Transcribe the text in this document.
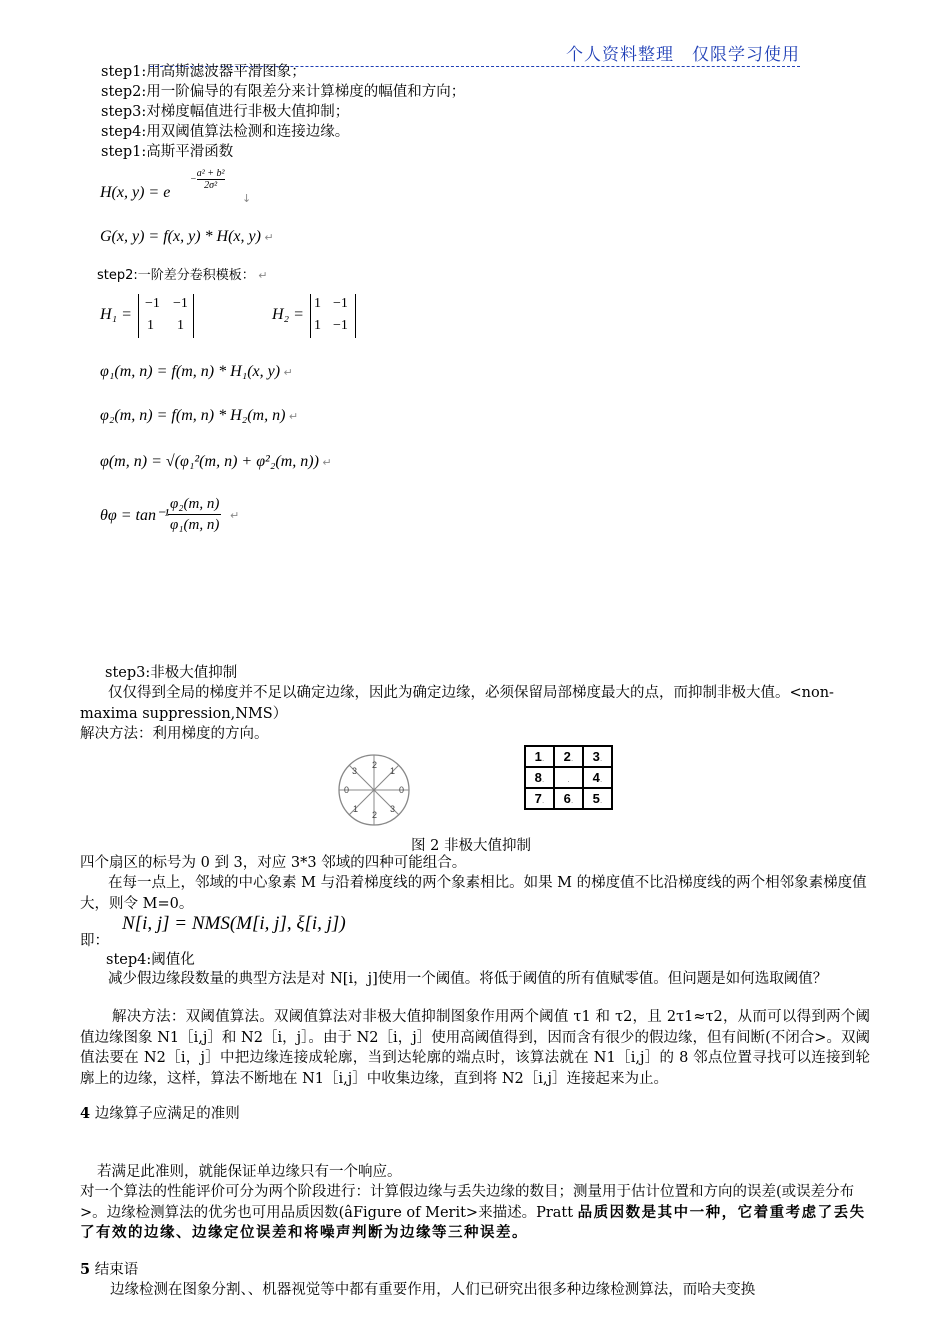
个人资料整理　仅限学习使用
step1:用高斯滤波器平滑图象；
step2:用一阶偏导的有限差分来计算梯度的幅值和方向；
step3:对梯度幅值进行非极大值抑制；
step4:用双阈值算法检测和连接边缘。
step1:高斯平滑函数
H(x, y) = e
− $\frac{\text{a² + b²}}{\text{2σ²}}$
↓
G(x, y) = f(x, y) * H(x, y) ↵
step2:一阶差分卷积模板： ↵
H₁ =
−1 −1
1 1
H₂ =
1 −1
1 −1
φ₁(m, n) = f(m, n) * H₁(x, y) ↵
φ₂(m, n) = f(m, n) * H₂(m, n) ↵
φ(m, n) = √(φ₁²(m, n) + φ²₂(m, n)) ↵
θφ = tan⁻¹
φ₂(m, n)
φ₁(m, n)
↵
step3:非极大值抑制
仅仅得到全局的梯度并不足以确定边缘，因此为确定边缘，必须保留局部梯度最大的点，而抑制非极大值。<non-maxima suppression,NMS）
解决方法：利用梯度的方向。
3
2
1
0	0
1
2
3
1.	2.	3.
8.	.	4.
7.	6.	5.
图 2 非极大值抑制
四个扇区的标号为 0 到 3，对应 3*3 邻域的四种可能组合。
在每一点上，邻域的中心象素 M 与沿着梯度线的两个象素相比。如果 M 的梯度值不比沿梯度线的两个相邻象素梯度值大，则令 M=0。
即：
N[i, j] = NMS(M[i, j], ξ[i, j])
step4:阈值化
减少假边缘段数量的典型方法是对 N[i，j]使用一个阈值。将低于阈值的所有值赋零值。但问题是如何选取阈值？
解决方法：双阈值算法。双阈值算法对非极大值抑制图象作用两个阈值 τ1 和 τ2，且 2τ1≈τ2，从而可以得到两个阈值边缘图象 N1［i,j］和 N2［i，j］。由于 N2［i，j］使用高阈值得到，因而含有很少的假边缘，但有间断(不闭合>。双阈值法要在 N2［i，j］中把边缘连接成轮廓，当到达轮廓的端点时，该算法就在 N1［i,j］的 8 邻点位置寻找可以连接到轮廓上的边缘，这样，算法不断地在 N1［i,j］中收集边缘，直到将 N2［i,j］连接起来为止。
4 边缘算子应满足的准则
若满足此准则，就能保证单边缘只有一个响应。
对一个算法的性能评价可分为两个阶段进行：计算假边缘与丢失边缘的数目；测量用于估计位置和方向的误差(或误差分布>。边缘检测算法的优劣也可用品质因数(âFigure of Merit>来描述。Pratt 品质因数是其中一种，它着重考虑了丢失了有效的边缘、边缘定位误差和将噪声判断为边缘等三种误差。
5 结束语
边缘检测在图象分割、、机器视觉等中都有重要作用，人们已研究出很多种边缘检测算法，而哈夫变换
